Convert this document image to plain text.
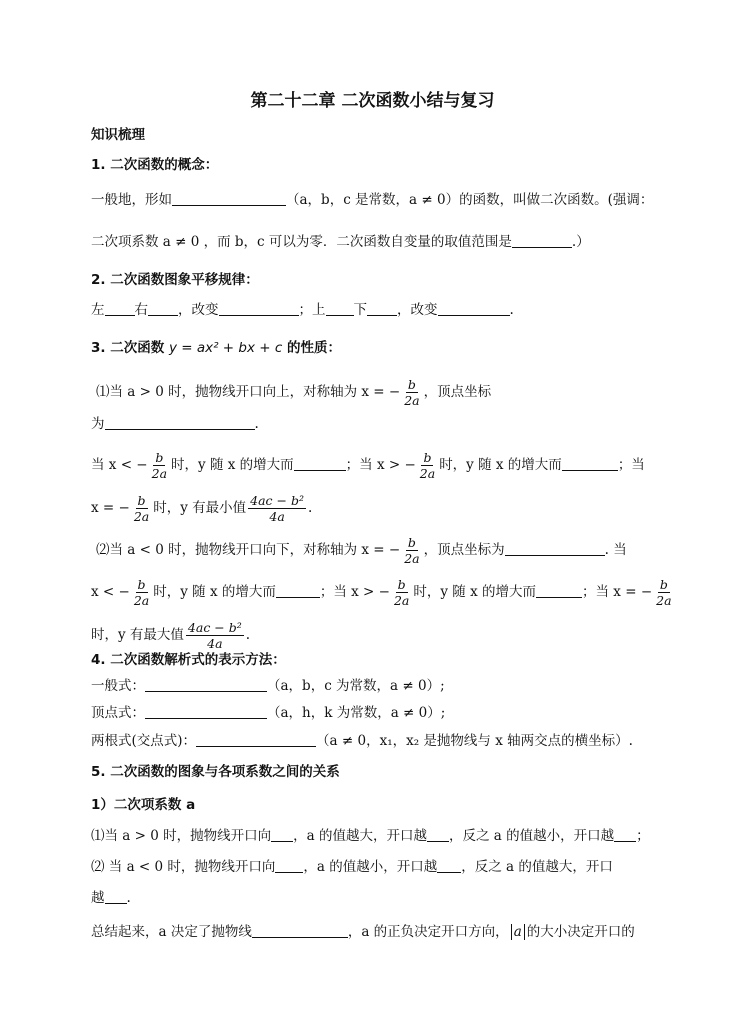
第二十二章 二次函数小结与复习
知识梳理
1. 二次函数的概念：
一般地，形如	（a，b，c 是常数，a ≠ 0）的函数，叫做二次函数。(强调：
二次项系数 a ≠ 0 ，而 b，c 可以为零．二次函数自变量的取值范围是	.）
2. 二次函数图象平移规律：
左 右 ，改变	；上 下 ，改变	.
3. 二次函数 y = ax² + bx + c 的性质：
⑴当 a > 0 时，抛物线开口向上，对称轴为 x = − $\frac{b}{2a}$ ，顶点坐标
为	.
当 x < − $\frac{b}{2a}$ 时，y 随 x 的增大而	；当 x > − $\frac{b}{2a}$ 时，y 随 x 的增大而	；当
x = − $\frac{b}{2a}$ 时，y 有最小值 $\frac{\text{4ac − b²}}{4a}$ .
⑵当 a < 0 时，抛物线开口向下，对称轴为 x = − $\frac{b}{2a}$ ，顶点坐标为	. 当
x < − $\frac{b}{2a}$ 时，y 随 x 的增大而	；当 x > − $\frac{b}{2a}$ 时，y 随 x 的增大而	；当 x = − $\frac{b}{2a}$
时，y 有最大值 $\frac{\text{4ac − b²}}{4a}$ .
4. 二次函数解析式的表示方法：
一般式：	（a，b，c 为常数，a ≠ 0）;
顶点式：	（a，h，k 为常数，a ≠ 0）;
两根式(交点式)：	（a ≠ 0，x₁，x₂ 是抛物线与 x 轴两交点的横坐标）.
5. 二次函数的图象与各项系数之间的关系
1）二次项系数 a
⑴当 a > 0 时，抛物线开口向 ，a 的值越大，开口越 ，反之 a 的值越小，开口越 ；
⑵ 当 a < 0 时，抛物线开口向 ，a 的值越小，开口越 ，反之 a 的值越大，开口
越 .
总结起来，a 决定了抛物线	，a 的正负决定开口方向， a 的大小决定开口的
